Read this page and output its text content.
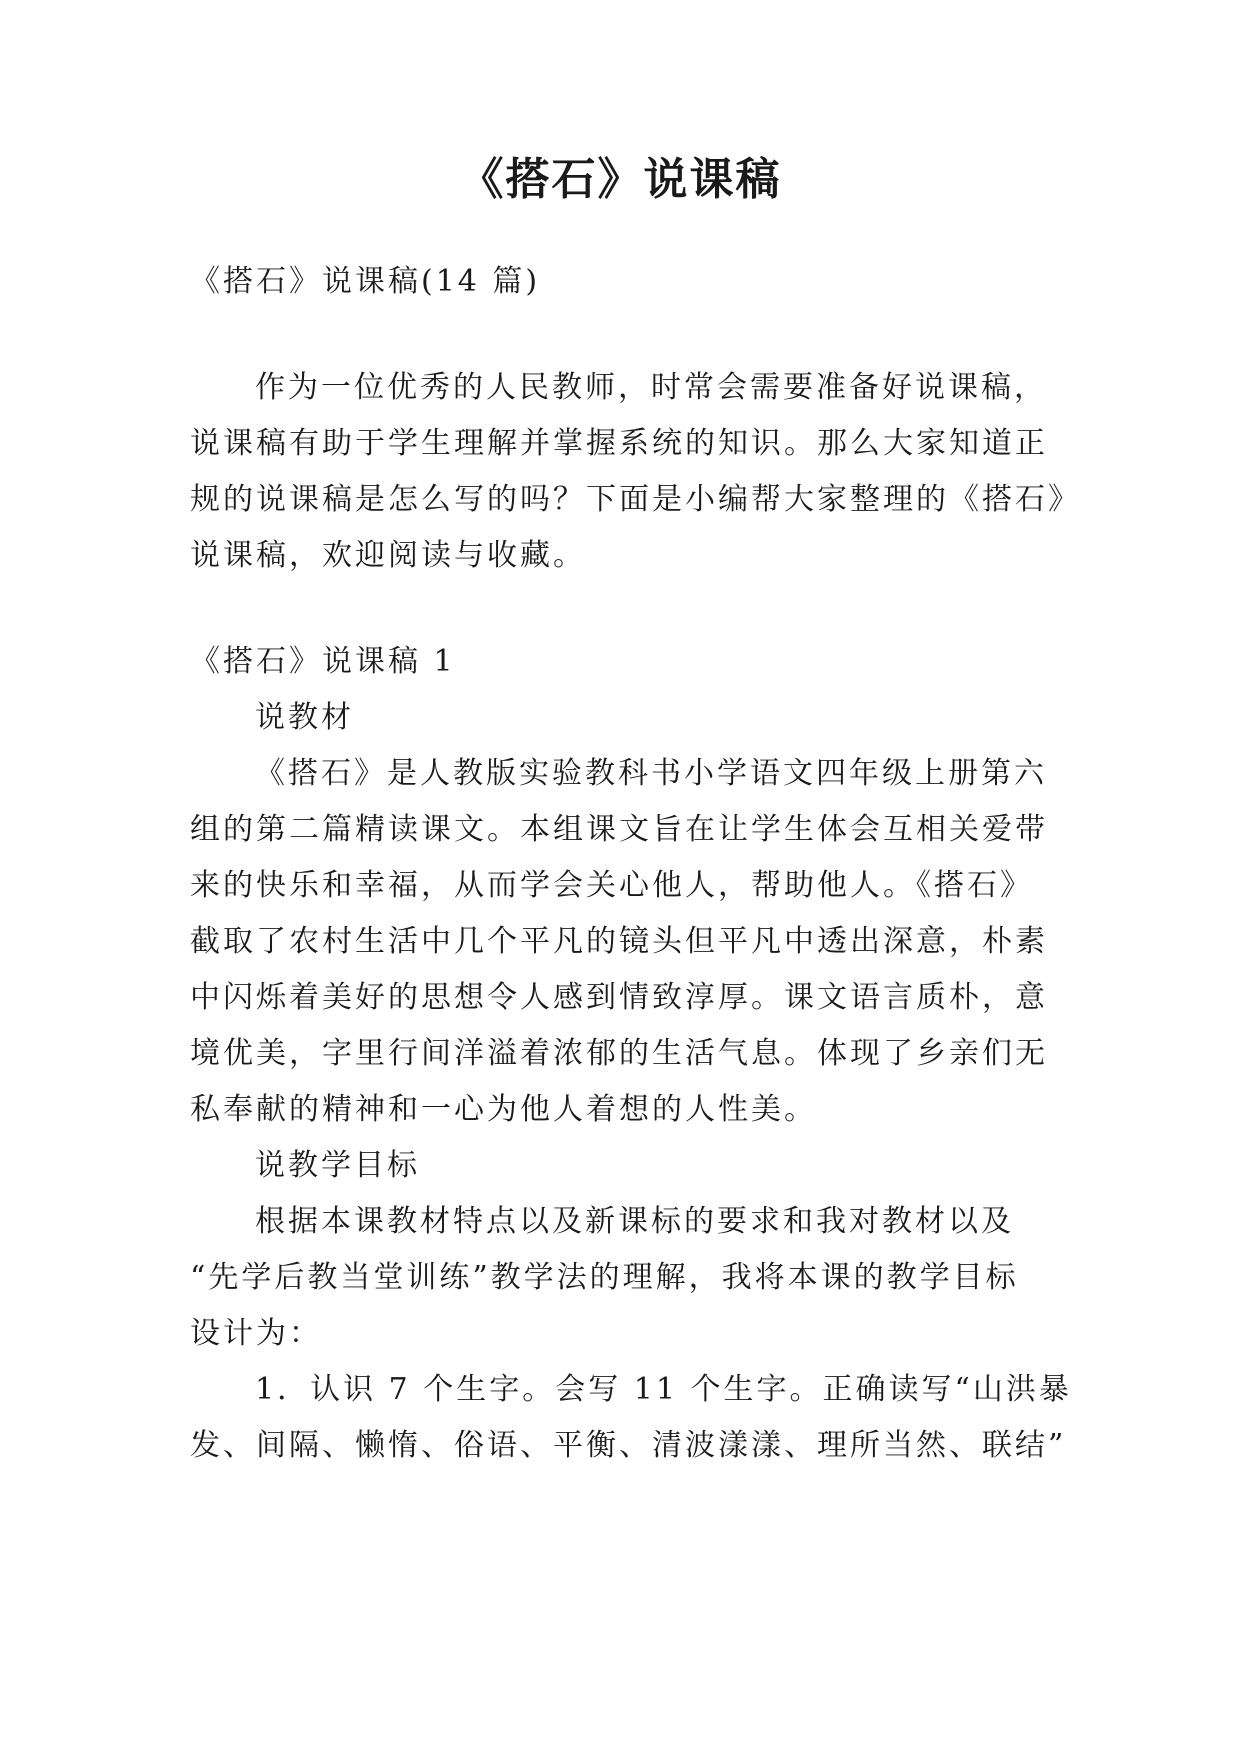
《搭石》说课稿
《搭石》说课稿(14 篇)
作为一位优秀的人民教师，时常会需要准备好说课稿，
说课稿有助于学生理解并掌握系统的知识。那么大家知道正
规的说课稿是怎么写的吗？下面是小编帮大家整理的《搭石》
说课稿，欢迎阅读与收藏。
《搭石》说课稿 1
说教材
《搭石》是人教版实验教科书小学语文四年级上册第六
组的第二篇精读课文。本组课文旨在让学生体会互相关爱带
来的快乐和幸福，从而学会关心他人，帮助他人。《搭石》
截取了农村生活中几个平凡的镜头但平凡中透出深意，朴素
中闪烁着美好的思想令人感到情致淳厚。课文语言质朴，意
境优美，字里行间洋溢着浓郁的生活气息。体现了乡亲们无
私奉献的精神和一心为他人着想的人性美。
说教学目标
根据本课教材特点以及新课标的要求和我对教材以及
“先学后教当堂训练”教学法的理解，我将本课的教学目标
设计为：
1．认识 7 个生字。会写 11 个生字。正确读写“山洪暴
发、间隔、懒惰、俗语、平衡、清波漾漾、理所当然、联结”
